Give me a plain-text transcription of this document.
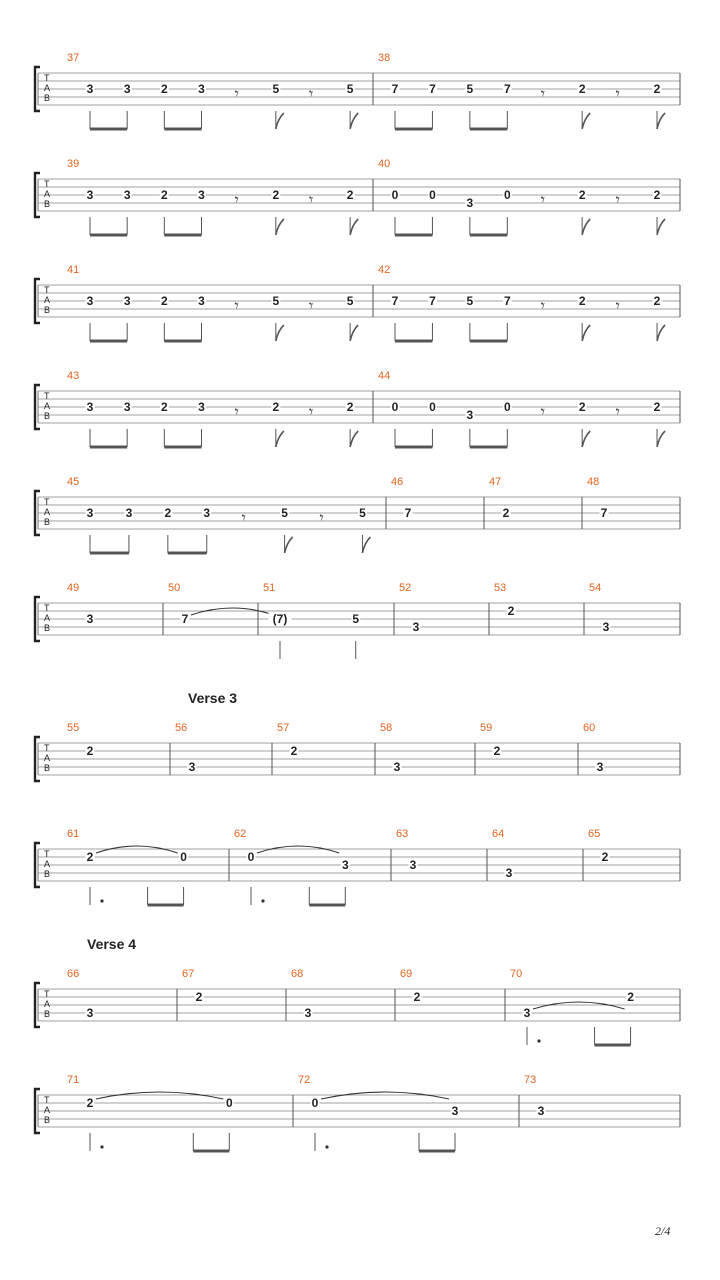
2/4
T
A
B
37
3	3	2	3 𝄾	5 𝄾	5
38
7	7	5	7 𝄾	2 𝄾	2
T
A
B
39
3	3	2	3 𝄾	2 𝄾	2
40
0	0
3
0 𝄾	2 𝄾	2
T
A
B
41
3	3	2	3 𝄾	5 𝄾	5
42
7	7	5	7 𝄾	2 𝄾	2
T
A
B
43
3	3	2	3 𝄾	2 𝄾	2
44
0	0
3
0 𝄾	2 𝄾	2
T
A
B
45
3	3	2	3 𝄾	5 𝄾	5
46
7
47
2
48
7
T
A
B
49
3
50
7
51
(7)	5
52
3
53
2
54
3
Verse 3
T
A
B
55
2
56
3
57
2
58
3
59
2
60
3
T
A
B
61
2	0
62
0
3
63
3
64
3
65
2
Verse 4
T
A
B
66
3
67
2
68
3
69
2
70
3
2
T
A
B
71
2	0
72
0
3
73
3
